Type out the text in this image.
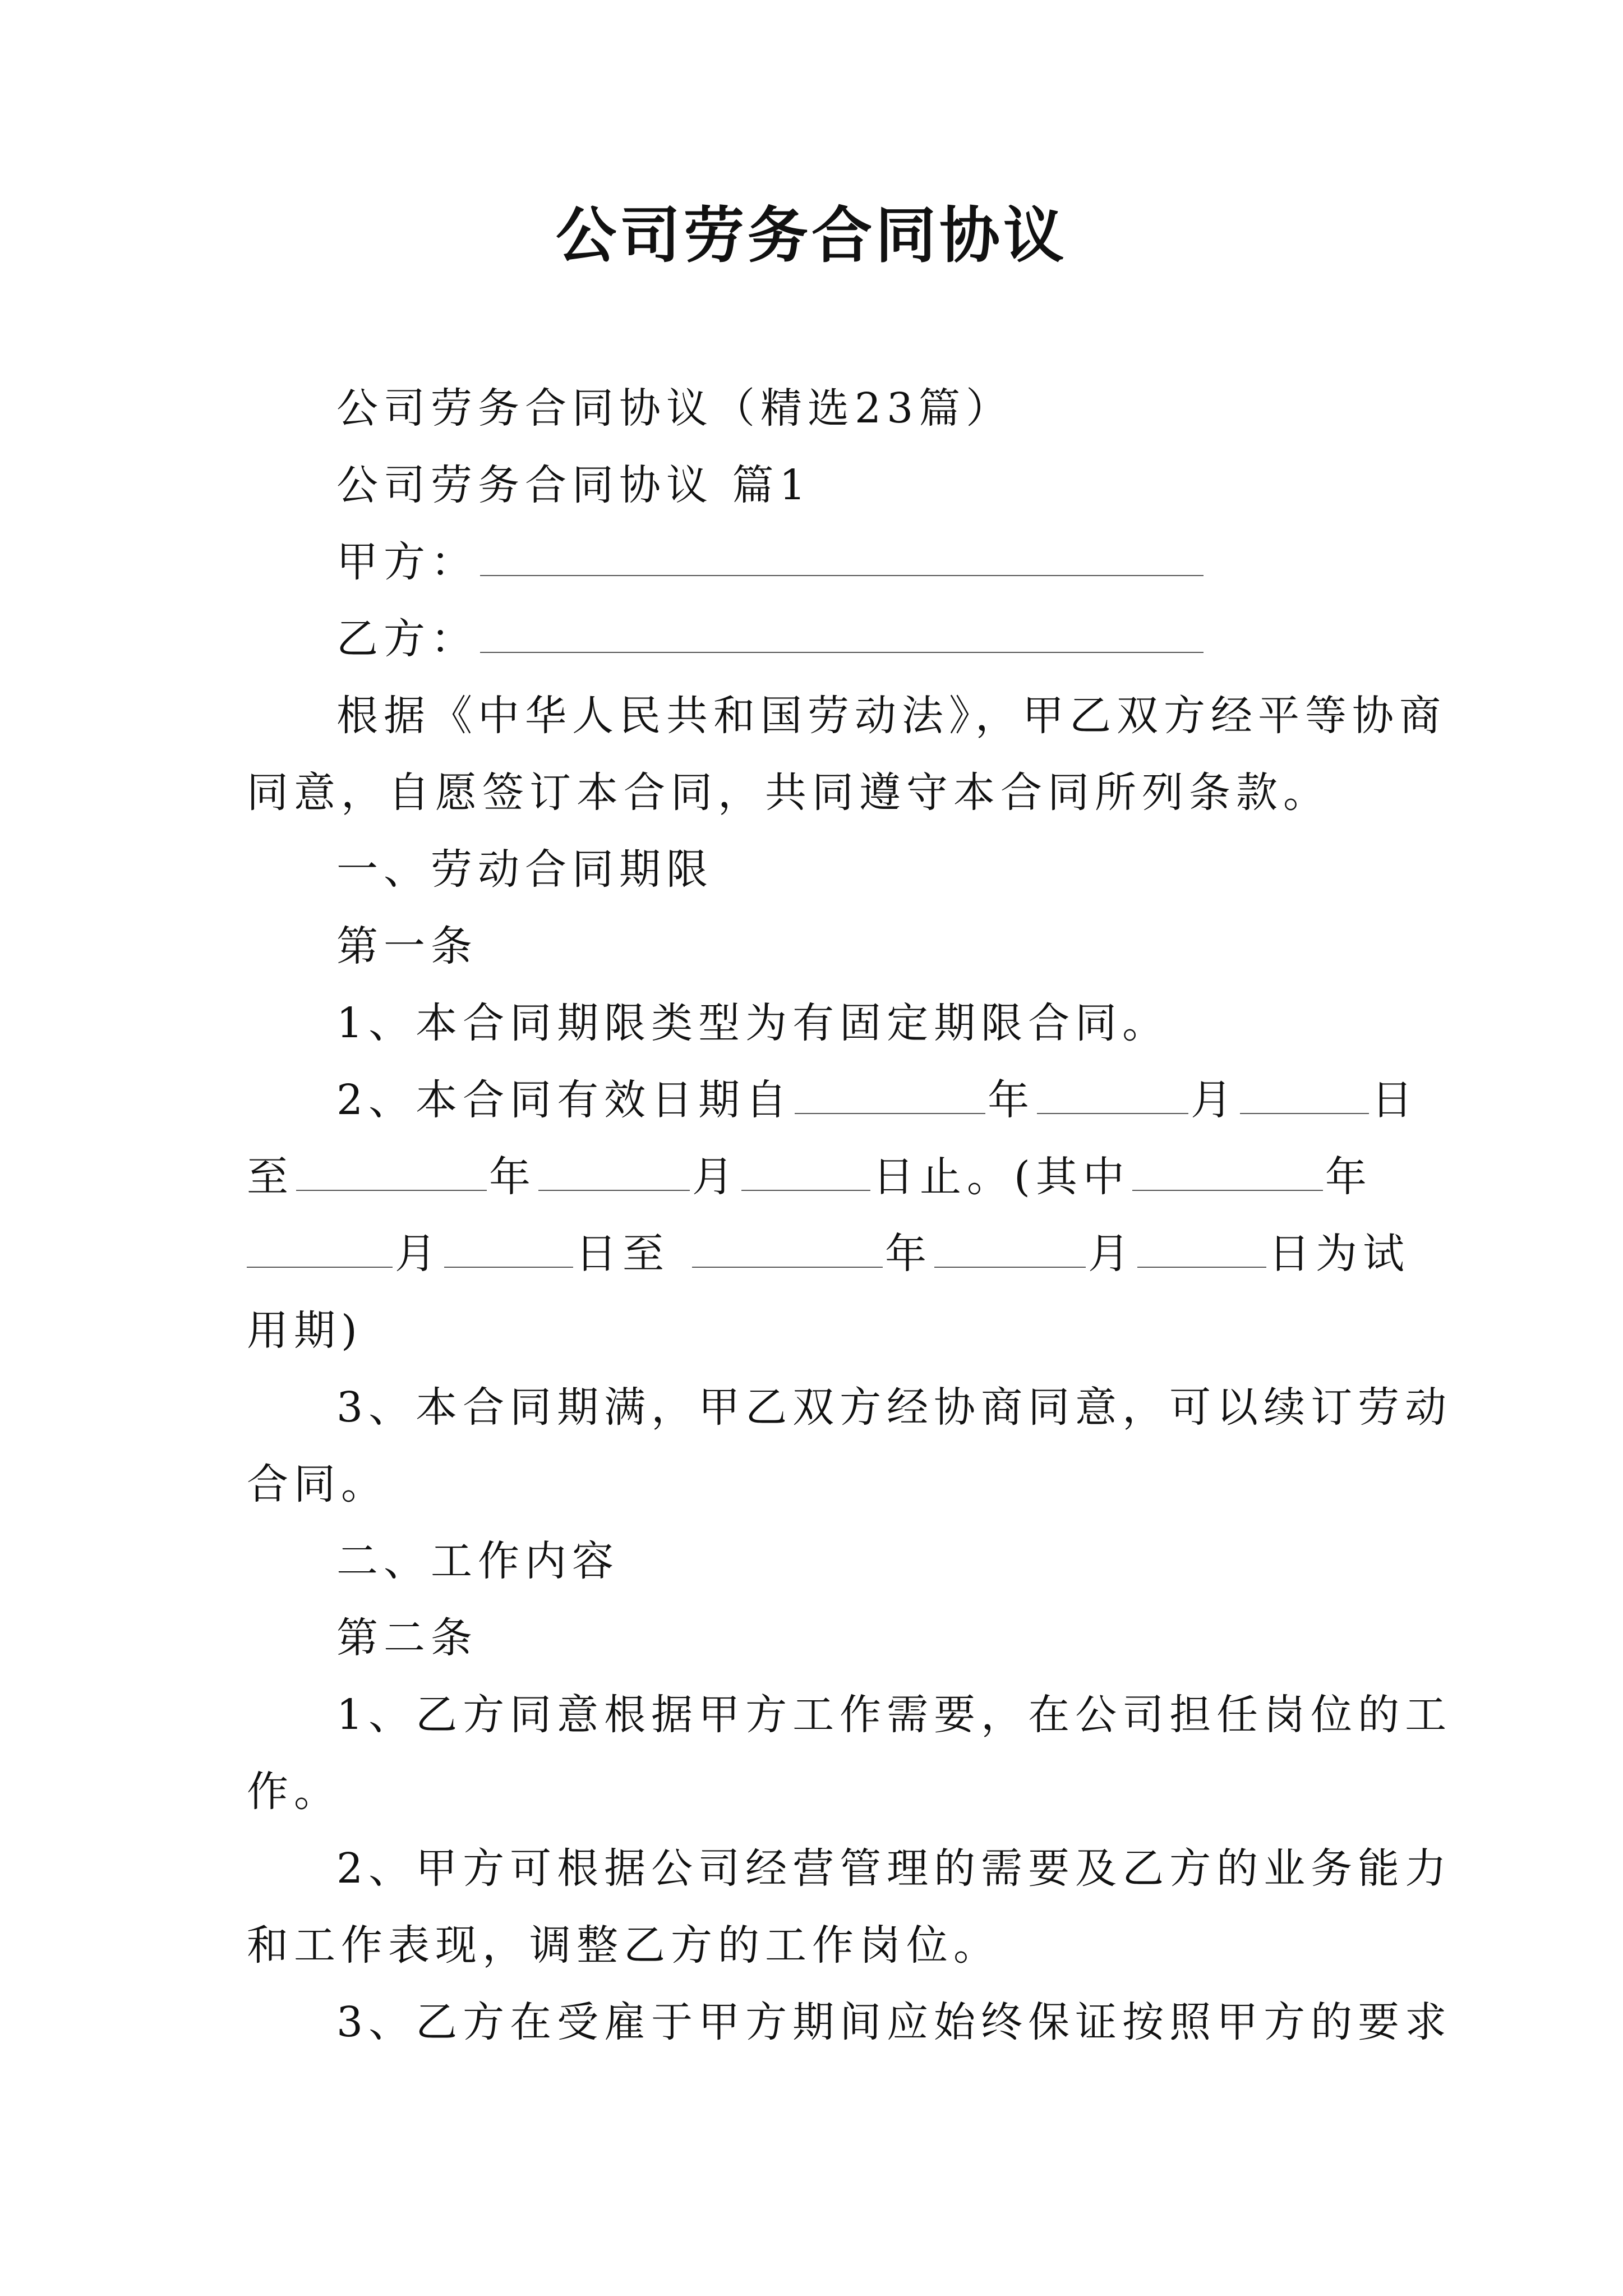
公司劳务合同协议

公司劳务合同协议（精选23篇）

公司劳务合同协议 篇1

甲方：

乙方：

根据《中华人民共和国劳动法》，甲乙双方经平等协商

同意，自愿签订本合同，共同遵守本合同所列条款。

一、劳动合同期限

第一条

1、本合同期限类型为有固定期限合同。

2、本合同有效日期自	年	月	日

至	年	月	日止。(其中	年

月	日至	年	月	日为试

用期)

3、本合同期满，甲乙双方经协商同意，可以续订劳动

合同。

二、工作内容

第二条

1、乙方同意根据甲方工作需要，在公司担任岗位的工

作。

2、甲方可根据公司经营管理的需要及乙方的业务能力

和工作表现，调整乙方的工作岗位。

3、乙方在受雇于甲方期间应始终保证按照甲方的要求
